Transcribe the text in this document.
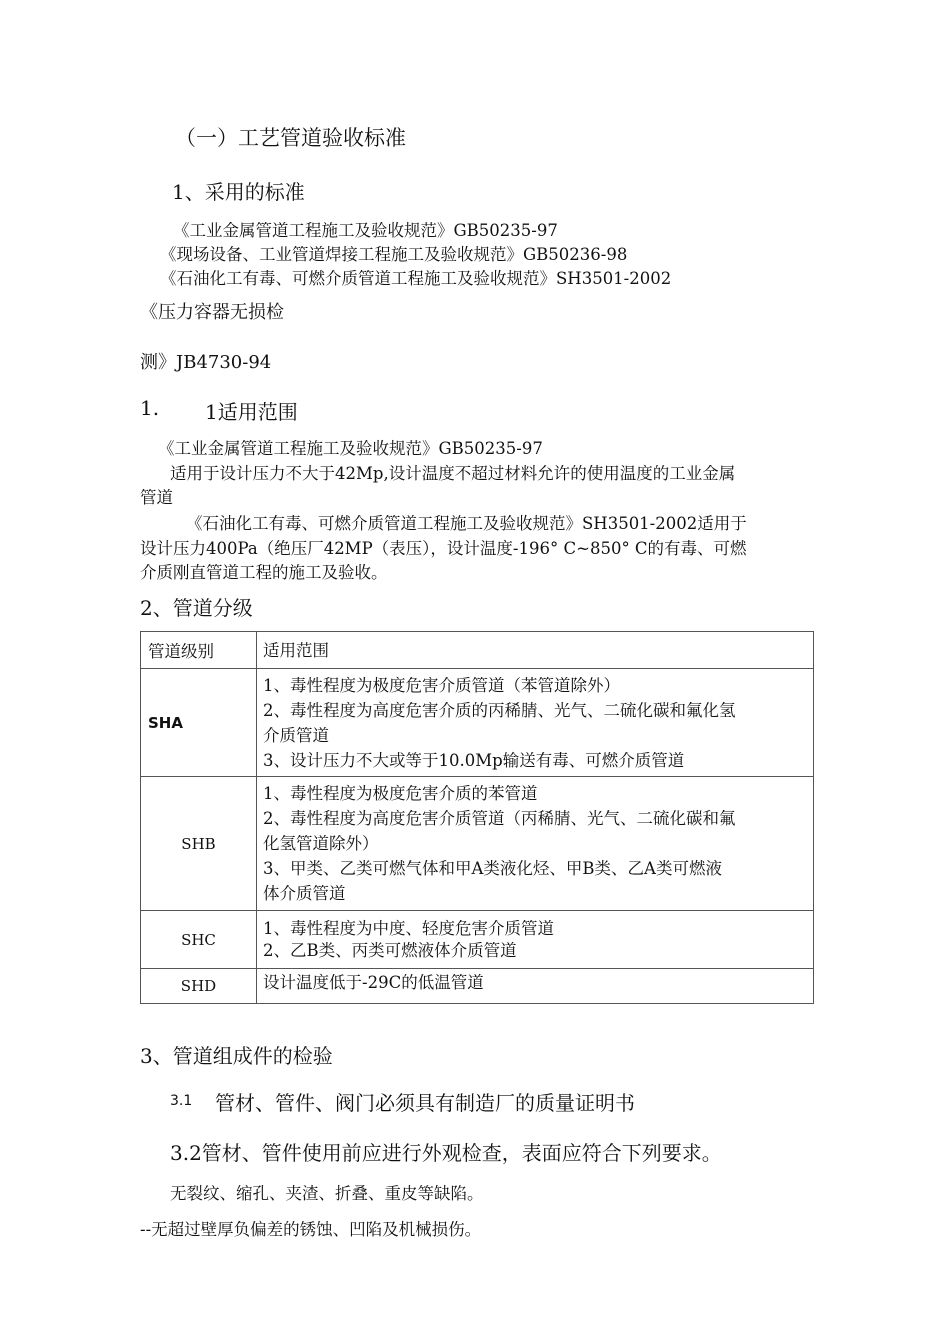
（一）工艺管道验收标准

1、采用的标准

《工业金属管道工程施工及验收规范》GB50235-97

《现场设备、工业管道焊接工程施工及验收规范》GB50236-98

《石油化工有毒、可燃介质管道工程施工及验收规范》SH3501-2002

《压力容器无损检

测》JB4730-94

1. 1适用范围

《工业金属管道工程施工及验收规范》GB50235-97

适用于设计压力不大于42Mp,设计温度不超过材料允许的使用温度的工业金属

管道

《石油化工有毒、可燃介质管道工程施工及验收规范》SH3501-2002适用于

设计压力400Pa（绝压厂42MP（表压），设计温度-196° C~850° C的有毒、可燃

介质刚直管道工程的施工及验收。

2、管道分级

管道级别	适用范围
SHA	1、毒性程度为极度危害介质管道（苯管道除外）
2、毒性程度为高度危害介质的丙稀腈、光气、二硫化碳和氟化氢
介质管道
3、设计压力不大或等于10.0Mp输送有毒、可燃介质管道

SHB	1、毒性程度为极度危害介质的苯管道
2、毒性程度为高度危害介质管道（丙稀腈、光气、二硫化碳和氟
化氢管道除外）
3、甲类、乙类可燃气体和甲A类液化烃、甲B类、乙A类可燃液
体介质管道

SHC	1、毒性程度为中度、轻度危害介质管道
2、乙B类、丙类可燃液体介质管道

SHD	设计温度低于-29C的低温管道

3、管道组成件的检验

3.1 管材、管件、阀门必须具有制造厂的质量证明书

3.2管材、管件使用前应进行外观检查，表面应符合下列要求。

无裂纹、缩孔、夹渣、折叠、重皮等缺陷。

--无超过壁厚负偏差的锈蚀、凹陷及机械损伤。
